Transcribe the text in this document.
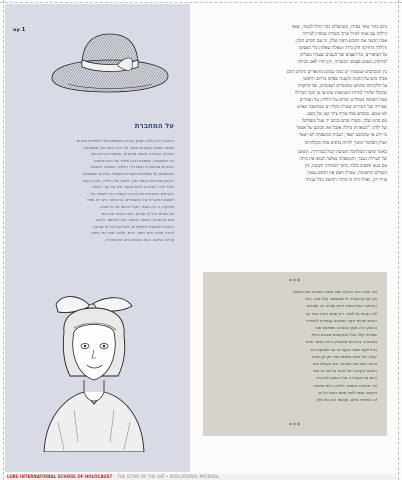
1 עמ
על המחברת
החוברת הזו נולדה מתוך עבודה משותפת של תלמידים ומורים
שיצאו למסע בעקבות סיפור על ילדה אחת ועל משפחתה
במהלך העבודה נאספו מכתבים, תמונות ועדויות מפי
בני המשפחה, ומתוכם נבנה סיפור של חיים שלמים
האיורים שבחוברת נעשו בידי תלמידי המגמה לאמנות
ומבוססים על תצלומים מקוריים ששמרו בארכיון המשפחה
הכובע שבראש העמוד שייך לאמה של הילדה, והוא הועבר
מדור לדור כמזכרת לבית שנעזב ולא שב עוד לעולם
הקטעים המובאים כאן נערכו בקפידה כדי לשמור על
לשונם המקורית של המספרים, גם כאשר היא לא תמיד
מדויקת, כי בה נשמר הקול האישי של מי שזכרו
אנו מודים לכל מי שסייע, פתח בפנינו את ביתו
ואת זכרונותיו, ואפשר לסיפור הזה להימסר הלאה
החוברת מיועדת לתלמידים, למורים ולכל מי שרוצה
להכיר סיפור אחד מתוך רבים, ולזכור אותו יחד איתנו
עריכה ועיצוב: צוות המגמה וחוג ההיסטוריה
ביום בהיר אחד בסתיו, כשהעלים כבר החלו לנשור, יצאה
הילדה עם אמה לטיול ארוך בשדות שמחוץ לעיירה
אמה חבשה את הכובע היפה שלה, זה עם הסרט הלבן,
והילדה החזיקה חזק בידה ושאלה שאלות בלי הפסקה
על הציפורים, על העצים ועל העננים שעברו מעליהן
למרחוק נשמעו פעמוני הכנסייה, והן חזרו לאט הביתה
בין המכתבים שנשמרו יש כמה שבהם מתוארים הימים ההם
אביה כתב על החנות הקטנה שפתח ברחוב הראשי,
על הלקוחות שהגיעו מהכפרים הסמוכים, ועל התקווה
שהכול יסתדר למרות השמועות שהגיעו מן הער הגדולה
אמה הוסיפה בשוליים דברים על הילדה, על הציורים
שציירה ועל השירים ששרה בקול רם כשחשבה שאיש
לא שומע. במכתב אחד צורף ציור קטן של כובע,
עם סרט ועלה, ובצידו נכתב בכתב יד עגול ומסולסל
של ילדה: "כשאהיה גדולה אקבל את הכובע של אמא"
מי ידע אז שהכובע ישאר, ושבית המשפחה לא ישאר
ושרק הסיפור ימשיך לחיות בדפים אלה ובקולותינו
כאשר פרצה המלחמה השתנה הכול במהירות. השקט
של העיירה נשבר, והמשפחה נאלצה לעזוב את ביתה
עם מעט חפצים בלבד. בתוך המזוודה הקטנה, בין
הבגדים והתמונות, שמרה האם את הכובע עטוף
בנייר דק, כאילו היה זה הדבר החשוב מכל שנותר
***
אני זוכרת את הבוקר שבו אמא הוציאה את הכובע
מן הארון ואמרה לי שאשמור עליו טוב. היא
החזיקה אותו בשתי ידיים ועיניה היו עצובות
לא הבנתי אז למה. רק שנים רבות אחר כך
הבנתי שהיא ידעה שאנחנו עומדות להיפרד
הכובע היה מעין הבטחה שניפגש שוב
שמרתי עליו בכל המקומות שבהם הייתי,
במחנות, ברכבות ובאניות, והוא נשאר איתי
בכל פעם שאני נוגעת בו אני שומעת את
קולה של אמא מזמזם שיר ישן מן הבית
ורואה שוב את השדות, את העצים ואת
החנות הקטנה של אבא ברחוב הראשי
היום אני מעבירה את הכובע לנכדתי,
כדי שתזכור ותספר הלאה, כמו שאמא
ביקשה ממני לפני שנים רבות כל כך
זה הסיפור שלנו, ועכשיו הוא גם שלך
***
LORE INTERNATIONAL SCHOOL OF HOLOCAUST THE STORY OF THE HAT • EDUCATIONAL MATERIAL
